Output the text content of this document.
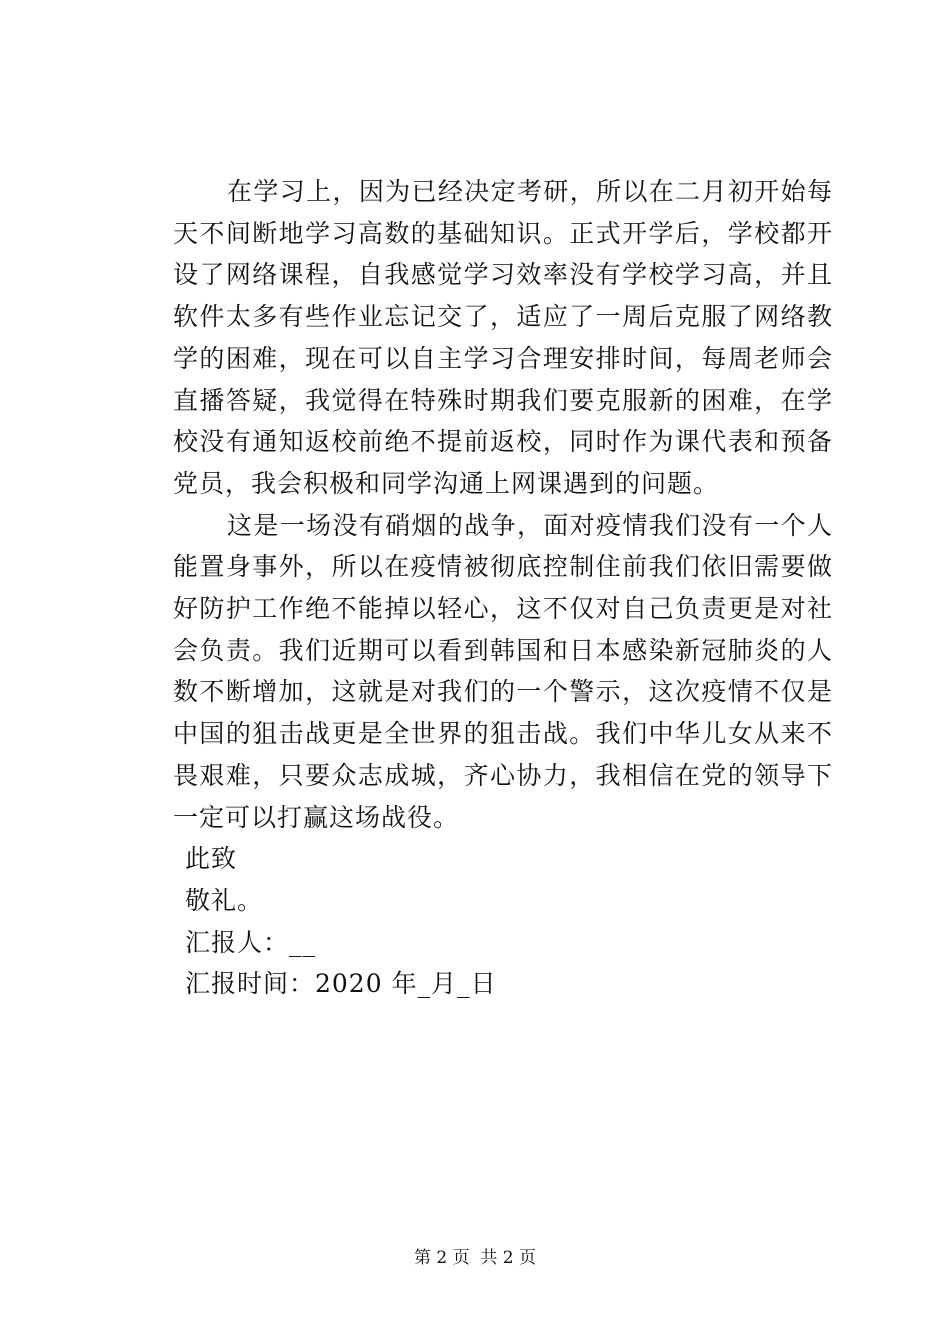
在学习上，因为已经决定考研，所以在二月初开始每天不间断地学习高数的基础知识。正式开学后，学校都开设了网络课程，自我感觉学习效率没有学校学习高，并且软件太多有些作业忘记交了，适应了一周后克服了网络教学的困难，现在可以自主学习合理安排时间，每周老师会直播答疑，我觉得在特殊时期我们要克服新的困难，在学校没有通知返校前绝不提前返校，同时作为课代表和预备党员，我会积极和同学沟通上网课遇到的问题。

这是一场没有硝烟的战争，面对疫情我们没有一个人能置身事外，所以在疫情被彻底控制住前我们依旧需要做好防护工作绝不能掉以轻心，这不仅对自己负责更是对社会负责。我们近期可以看到韩国和日本感染新冠肺炎的人数不断增加，这就是对我们的一个警示，这次疫情不仅是中国的狙击战更是全世界的狙击战。我们中华儿女从来不畏艰难，只要众志成城，齐心协力，我相信在党的领导下一定可以打赢这场战役。

此致

敬礼。

汇报人：__

汇报时间：2020 年_月_日

第 2 页  共 2 页
